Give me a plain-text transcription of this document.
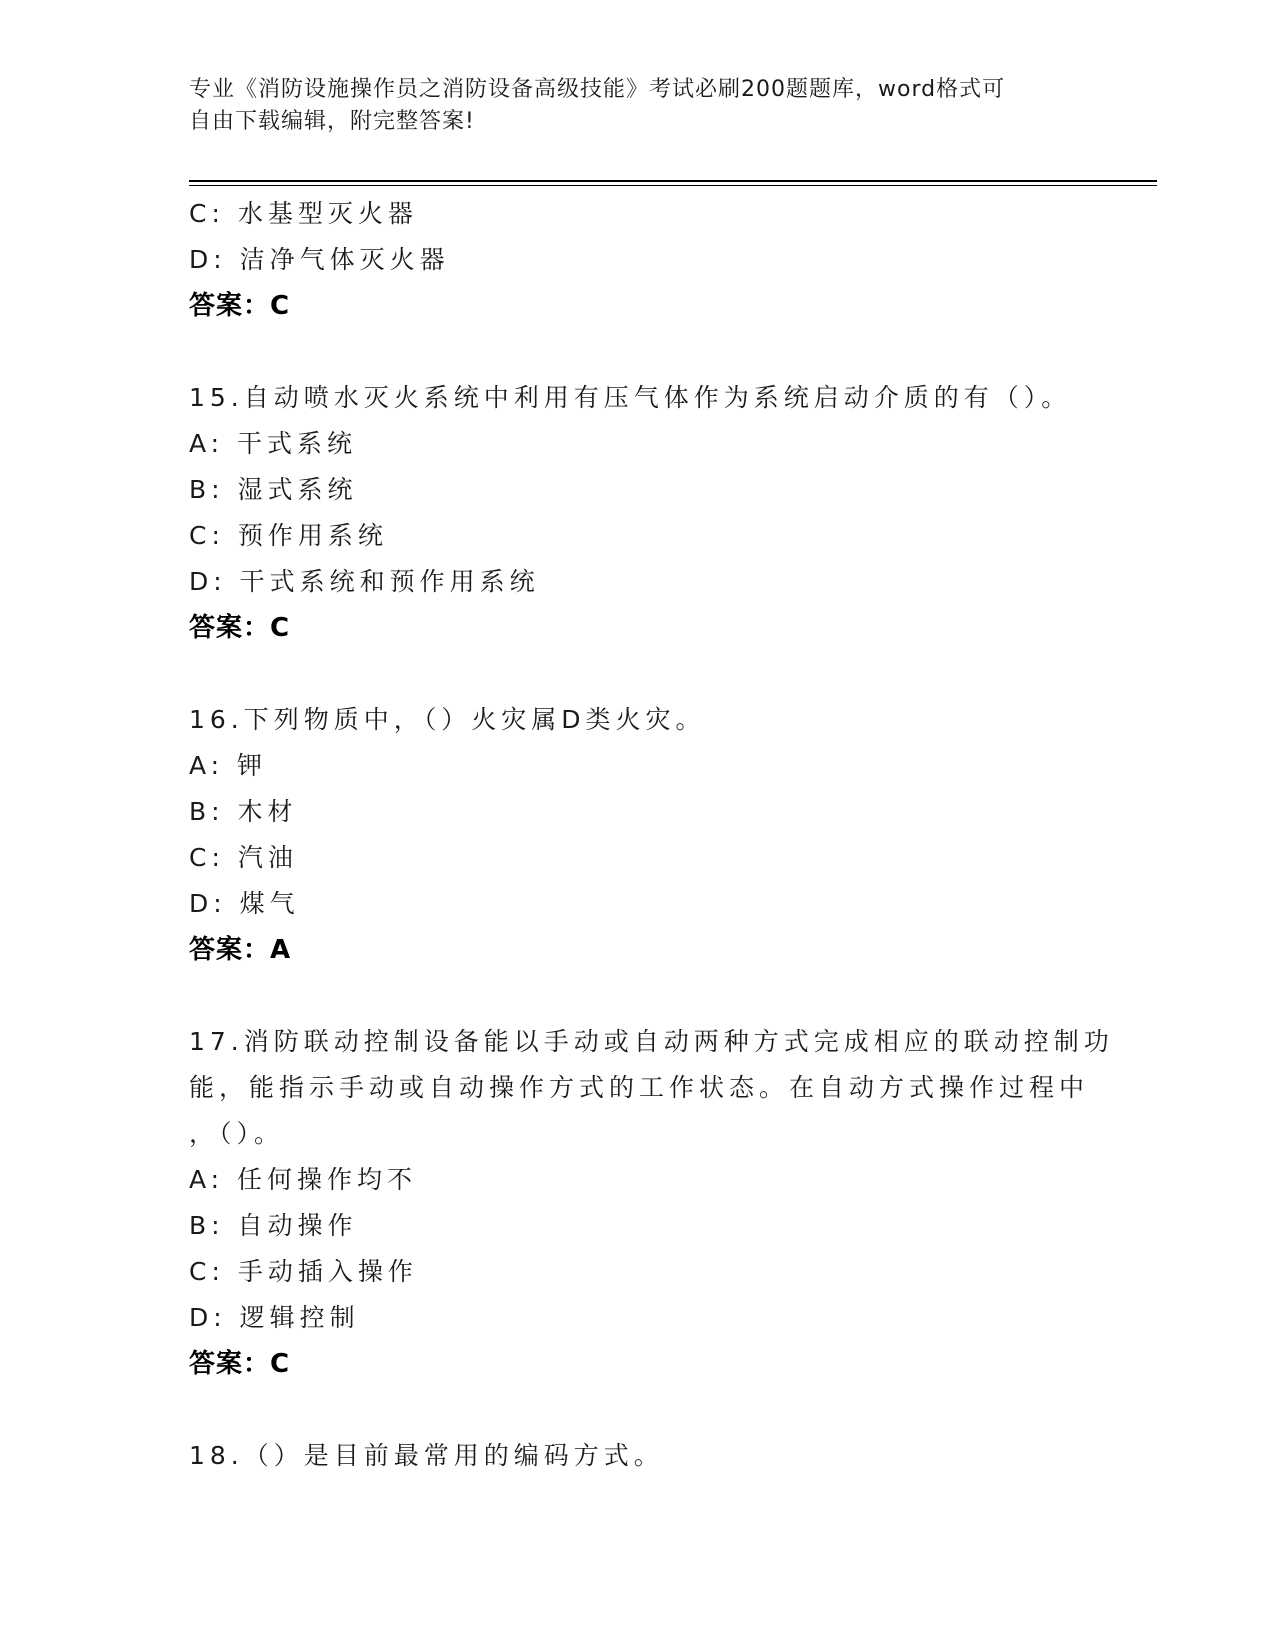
专业《消防设施操作员之消防设备高级技能》考试必刷200题题库，word格式可
自由下载编辑，附完整答案!
C: 水基型灭火器
D: 洁净气体灭火器
答案：C
15.自动喷水灭火系统中利用有压气体作为系统启动介质的有（）。
A: 干式系统
B: 湿式系统
C: 预作用系统
D: 干式系统和预作用系统
答案：C
16.下列物质中，（）火灾属D类火灾。
A: 钾
B: 木材
C: 汽油
D: 煤气
答案：A
17.消防联动控制设备能以手动或自动两种方式完成相应的联动控制功
能，能指示手动或自动操作方式的工作状态。在自动方式操作过程中
，（）。
A: 任何操作均不
B: 自动操作
C: 手动插入操作
D: 逻辑控制
答案：C
18.（）是目前最常用的编码方式。
